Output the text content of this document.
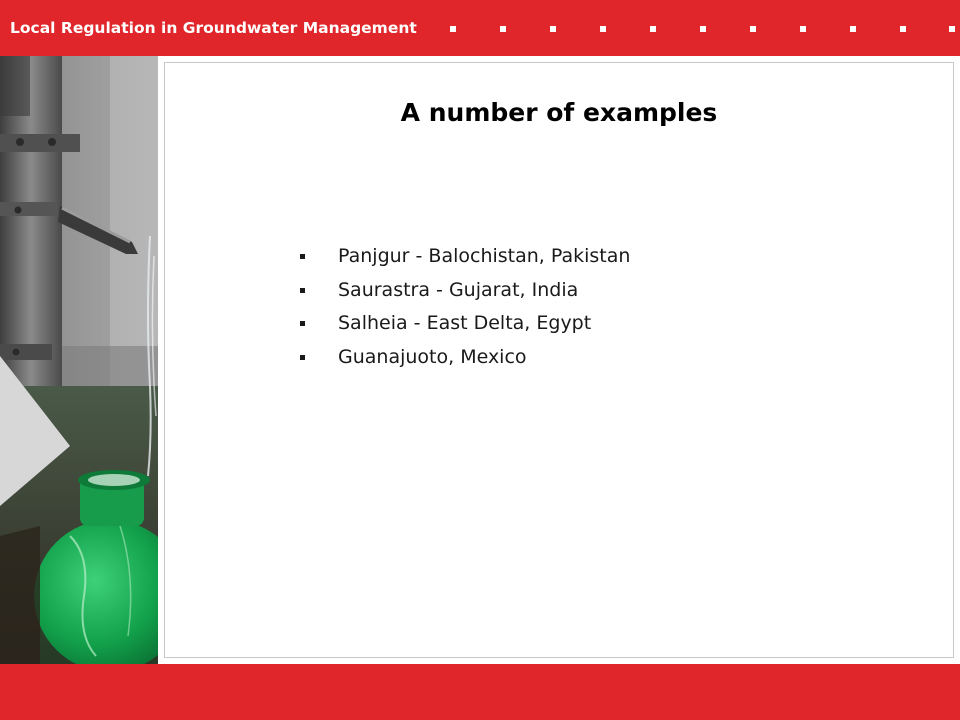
Local Regulation in Groundwater Management
A number of examples
Panjgur - Balochistan, Pakistan
Saurastra - Gujarat, India
Salheia - East Delta, Egypt
Guanajuoto, Mexico
